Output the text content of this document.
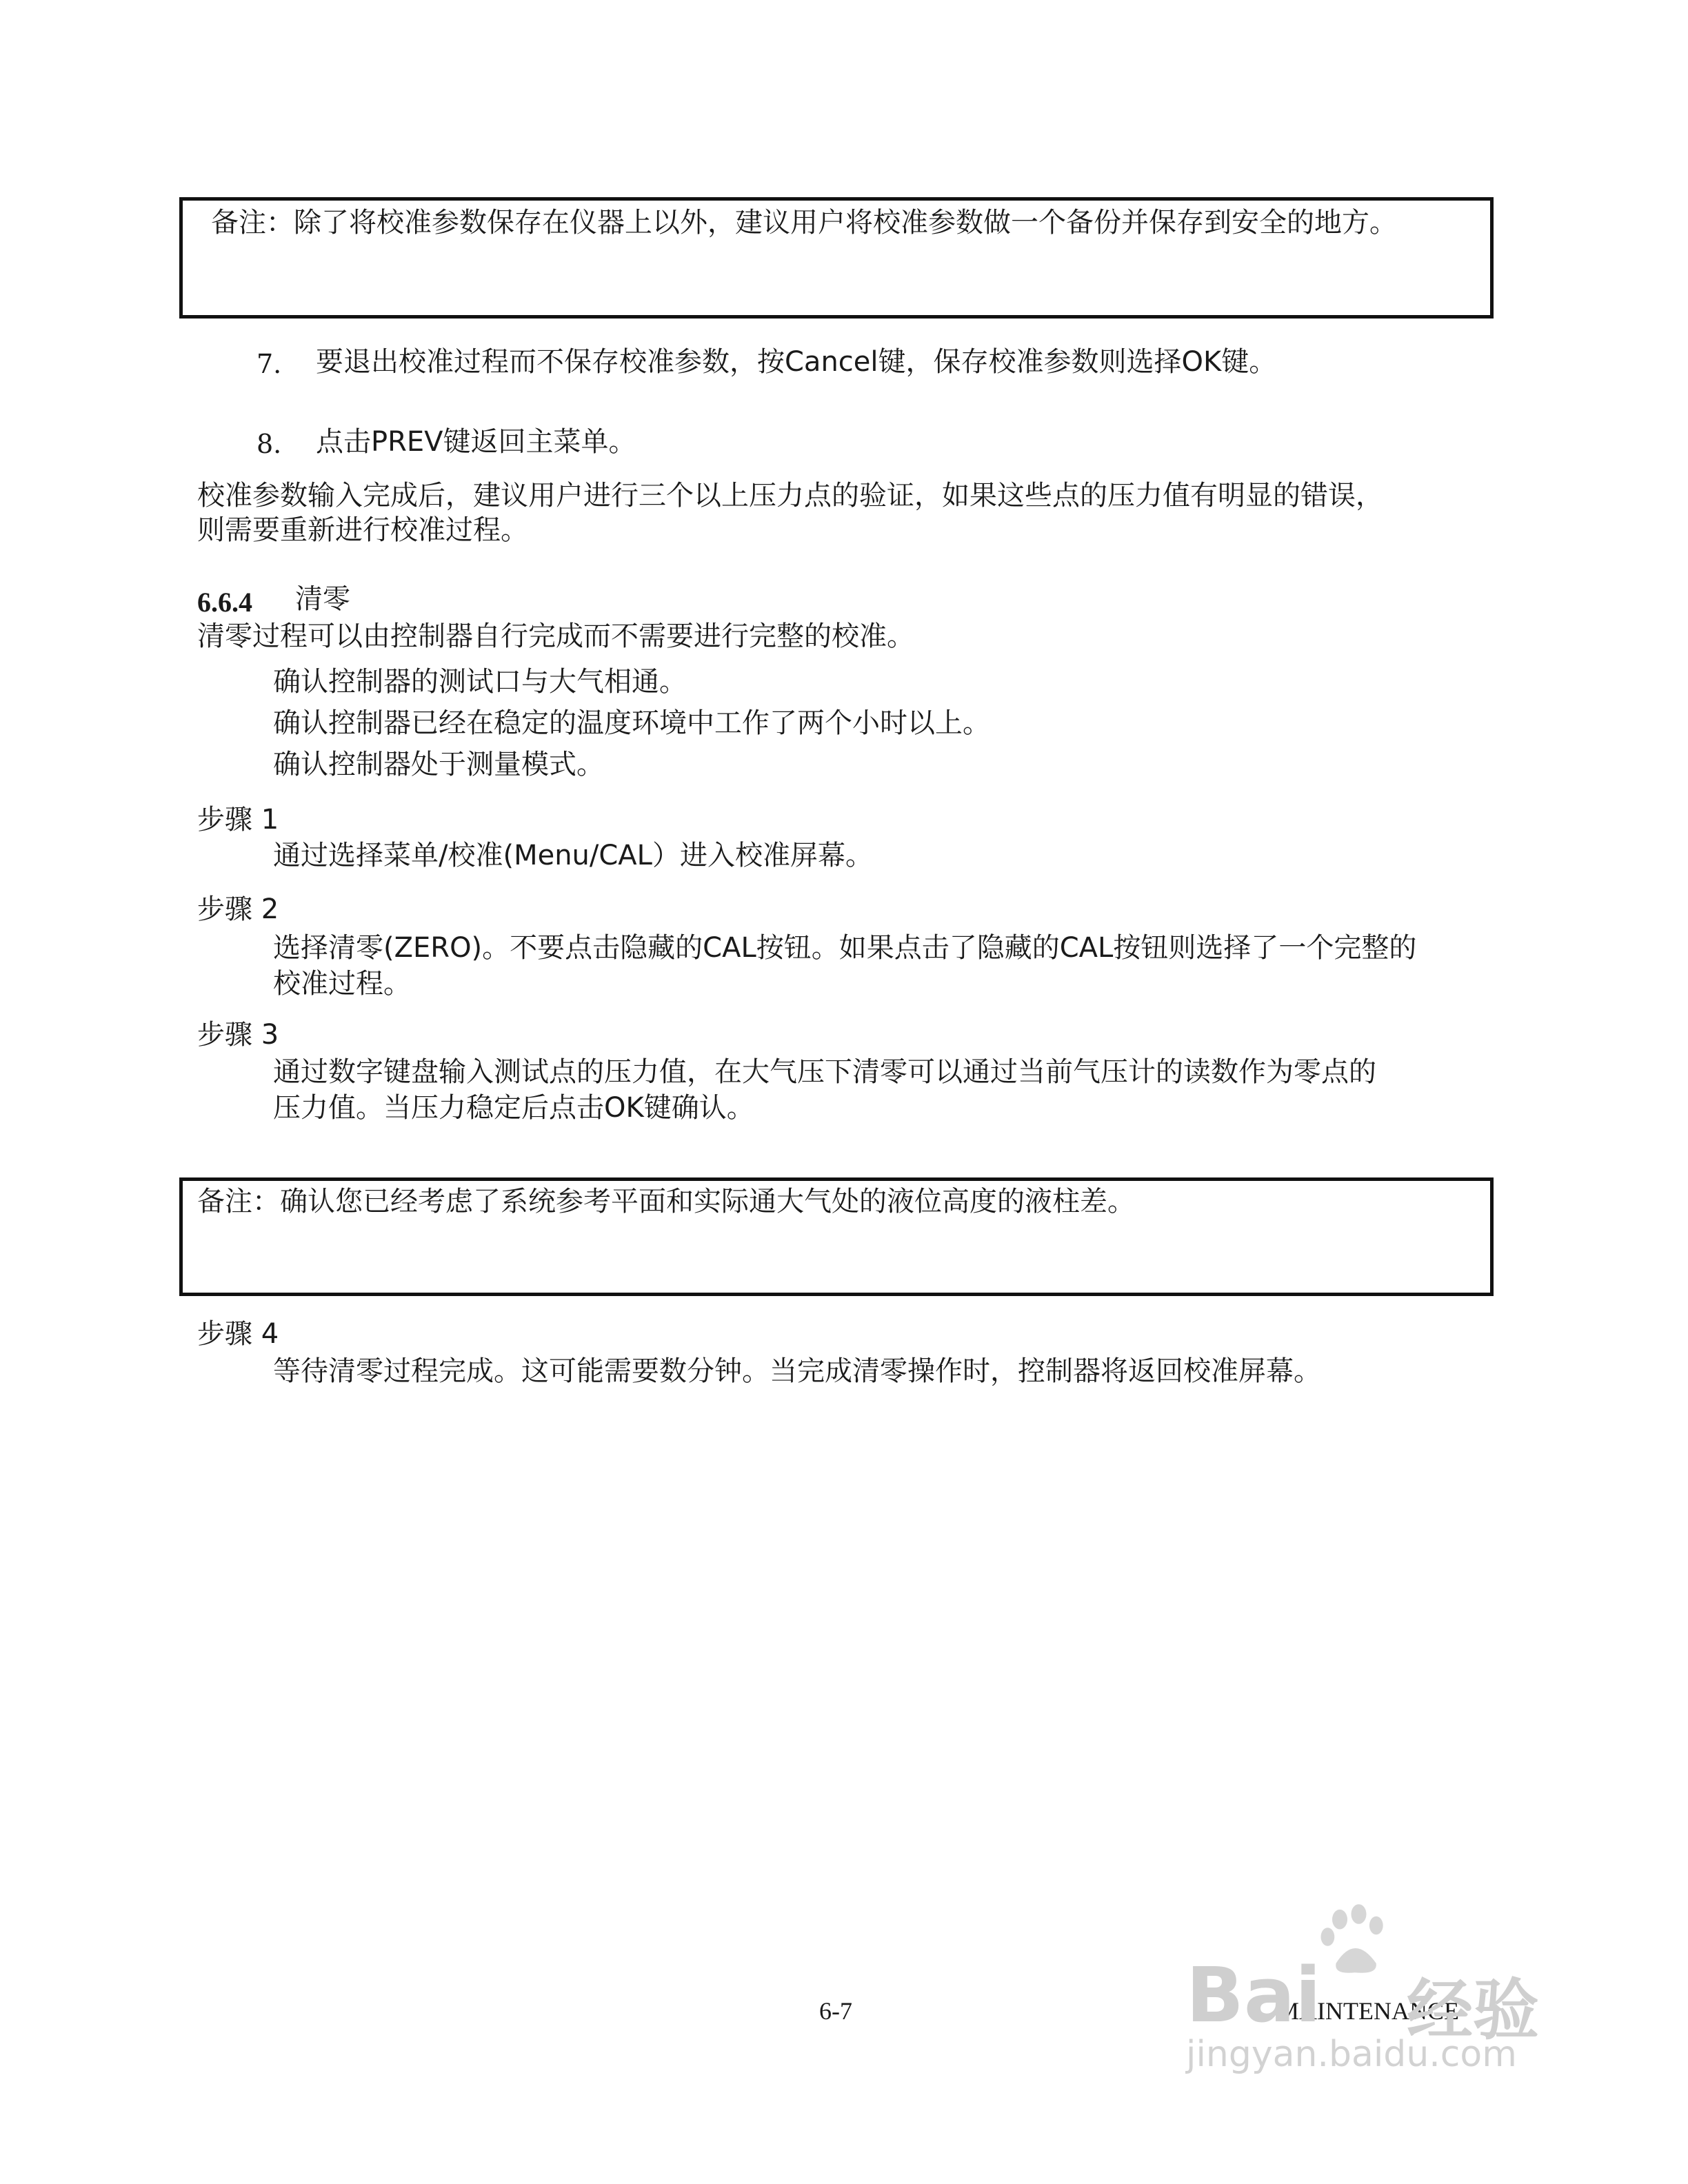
备注：除了将校准参数保存在仪器上以外，建议用户将校准参数做一个备份并保存到安全的地方。
7. 要退出校准过程而不保存校准参数，按Cancel键，保存校准参数则选择OK键。
8. 点击PREV键返回主菜单。
校准参数输入完成后，建议用户进行三个以上压力点的验证，如果这些点的压力值有明显的错误，
则需要重新进行校准过程。
6.6.4 清零
清零过程可以由控制器自行完成而不需要进行完整的校准。
确认控制器的测试口与大气相通。
确认控制器已经在稳定的温度环境中工作了两个小时以上。
确认控制器处于测量模式。
步骤 1
通过选择菜单/校准(Menu/CAL）进入校准屏幕。
步骤 2
选择清零(ZERO)。不要点击隐藏的CAL按钮。如果点击了隐藏的CAL按钮则选择了一个完整的
校准过程。
步骤 3
通过数字键盘输入测试点的压力值，在大气压下清零可以通过当前气压计的读数作为零点的
压力值。当压力稳定后点击OK键确认。
备注：确认您已经考虑了系统参考平面和实际通大气处的液位高度的液柱差。
步骤 4
等待清零过程完成。这可能需要数分钟。当完成清零操作时，控制器将返回校准屏幕。
6-7	MAINTENANCE
Bai 经验
jingyan.baidu.com
